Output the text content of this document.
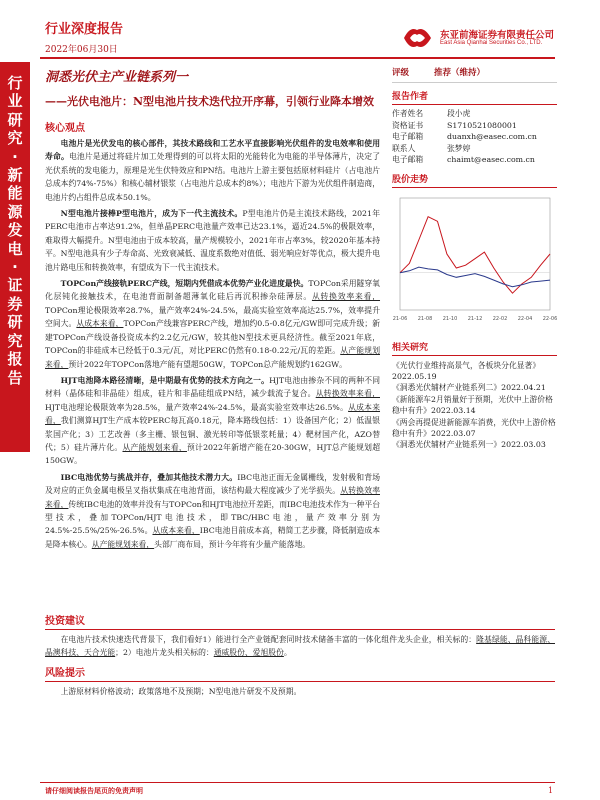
行业深度报告
2022年06月30日
东亚前海证券有限责任公司
East Asia Qianhai Securities Co., LTD.
行
业
研
究
·
新
能
源
发
电
·
证
券
研
究
报
告
洞悉光伏主产业链系列一
——光伏电池片：N型电池片技术迭代拉开序幕，引领行业降本增效
核心观点

电池片是光伏发电的核心部件，其技术路线和工艺水平直接影响光伏组件的发电效率和使用寿命。电池片是通过将硅片加工处理得到的可以将太阳的光能转化为电能的半导体薄片，决定了光伏系统的发电能力，原理是光生伏特效应和PN结。电池片上游主要包括原材料硅片（占电池片总成本约74%-75%）和核心辅材银浆（占电池片总成本约8%）；电池片下游为光伏组件制造商，电池片约占组件总成本50.1%。

N型电池片接棒P型电池片，成为下一代主流技术。P型电池片仍是主流技术路线，2021年PERC电池市占率达91.2%，但单晶PERC电池量产效率已达23.1%，逼近24.5%的极限效率，难取得大幅提升。N型电池由于成本较高，量产规模较小，2021年市占率3%，较2020年基本持平。N型电池具有少子寿命高、光致衰减低、温度系数绝对值低、弱光响应好等优点，极大提升电池片路电压和转换效率，有望成为下一代主流技术。

TOPCon产线接轨PERC产线，短期内凭借成本优势产业化进度最快。TOPCon采用隧穿氧化层钝化接触技术，在电池背面制备超薄氧化硅后再沉积掺杂硅薄层。从转换效率来看，TOPCon理论极限效率28.7%，量产效率24%-24.5%，最高实验室效率高达25.7%，效率提升空间大。从成本来看，TOPCon产线兼容PERC产线，增加约0.5-0.8亿元/GW即可完成升级；新建TOPCon产线设备投资成本约2.2亿元/GW，较其他N型技术更具经济性。截至2021年底，TOPCon的非硅成本已经低于0.3元/瓦，对比PERC仍然有0.18-0.22元/瓦的差距。从产能规划来看，预计2022年TOPCon落地产能有望超50GW，TOPCon总产能规划约162GW。

HJT电池降本路径清晰，是中期最有优势的技术方向之一。HJT电池由掺杂不同的两种不同材料（晶体硅和非晶硅）组成，硅片和非晶硅组成PN结，减少载流子复合。从转换效率来看，HJT电池理论极限效率为28.5%，量产效率24%-24.5%，最高实验室效率达26.5%。从成本来看，我们测算HJT生产成本较PERC每瓦高0.18元，降本路线包括：1）设备国产化；2）低温银浆国产化；3）工艺改善（多主栅、银包铜、激光转印等低银浆耗量；4）靶材国产化，AZO替代；5）硅片薄片化。从产能规划来看，预计2022年新增产能在20-30GW，HJT总产能规划超150GW。

IBC电池优势与挑战并存，叠加其他技术潜力大。IBC电池正面无金属栅线，发射极和背场及对应的正负金属电极呈叉指状集成在电池背面，该结构最大程度减少了光学损失。从转换效率来看，传统IBC电池的效率并没有与TOPCon和HJT电池拉开差距，而IBC电池技术作为一种平台型技术，叠加TOPCon/HJT电池技术，即TBC/HBC电池，量产效率分别为24.5%-25.5%/25%-26.5%。从成本来看，IBC电池目前成本高，精简工艺步骤，降低制造成本是降本核心。从产能规划来看，头部厂商布局，预计今年将有少量产能落地。

投资建议

在电池片技术快速迭代背景下，我们看好1）能进行全产业链配套同时技术储备丰富的一体化组件龙头企业，相关标的：隆基绿能、晶科能源、晶澳科技、天合光能；2）电池片龙头相关标的：通威股份、爱旭股份。

风险提示

上游原材料价格波动；政策落地不及预期；N型电池片研发不及预期。

评级	推荐（维持）
报告作者
作者姓名	段小虎
资格证书	S1710521080001
电子邮箱	duanxh@easec.com.cn
联系人	张梦婷
电子邮箱	chaimt@easec.com.cn
股价走势
21-06 21-08 21-10 21-12 22-02 22-04 22-06
相关研究
《光伏行业维持高景气，各板块分化显著》2022.05.19
《洞悉光伏辅材产业链系列二》2022.04.21
《新能源车2月销量好于预期，光伏中上游价格稳中有升》2022.03.14
《两会再提促进新能源车消费，光伏中上游价格稳中有升》2022.03.07
《洞悉光伏辅材产业链系列一》2022.03.03
请仔细阅读报告尾页的免责声明	1
